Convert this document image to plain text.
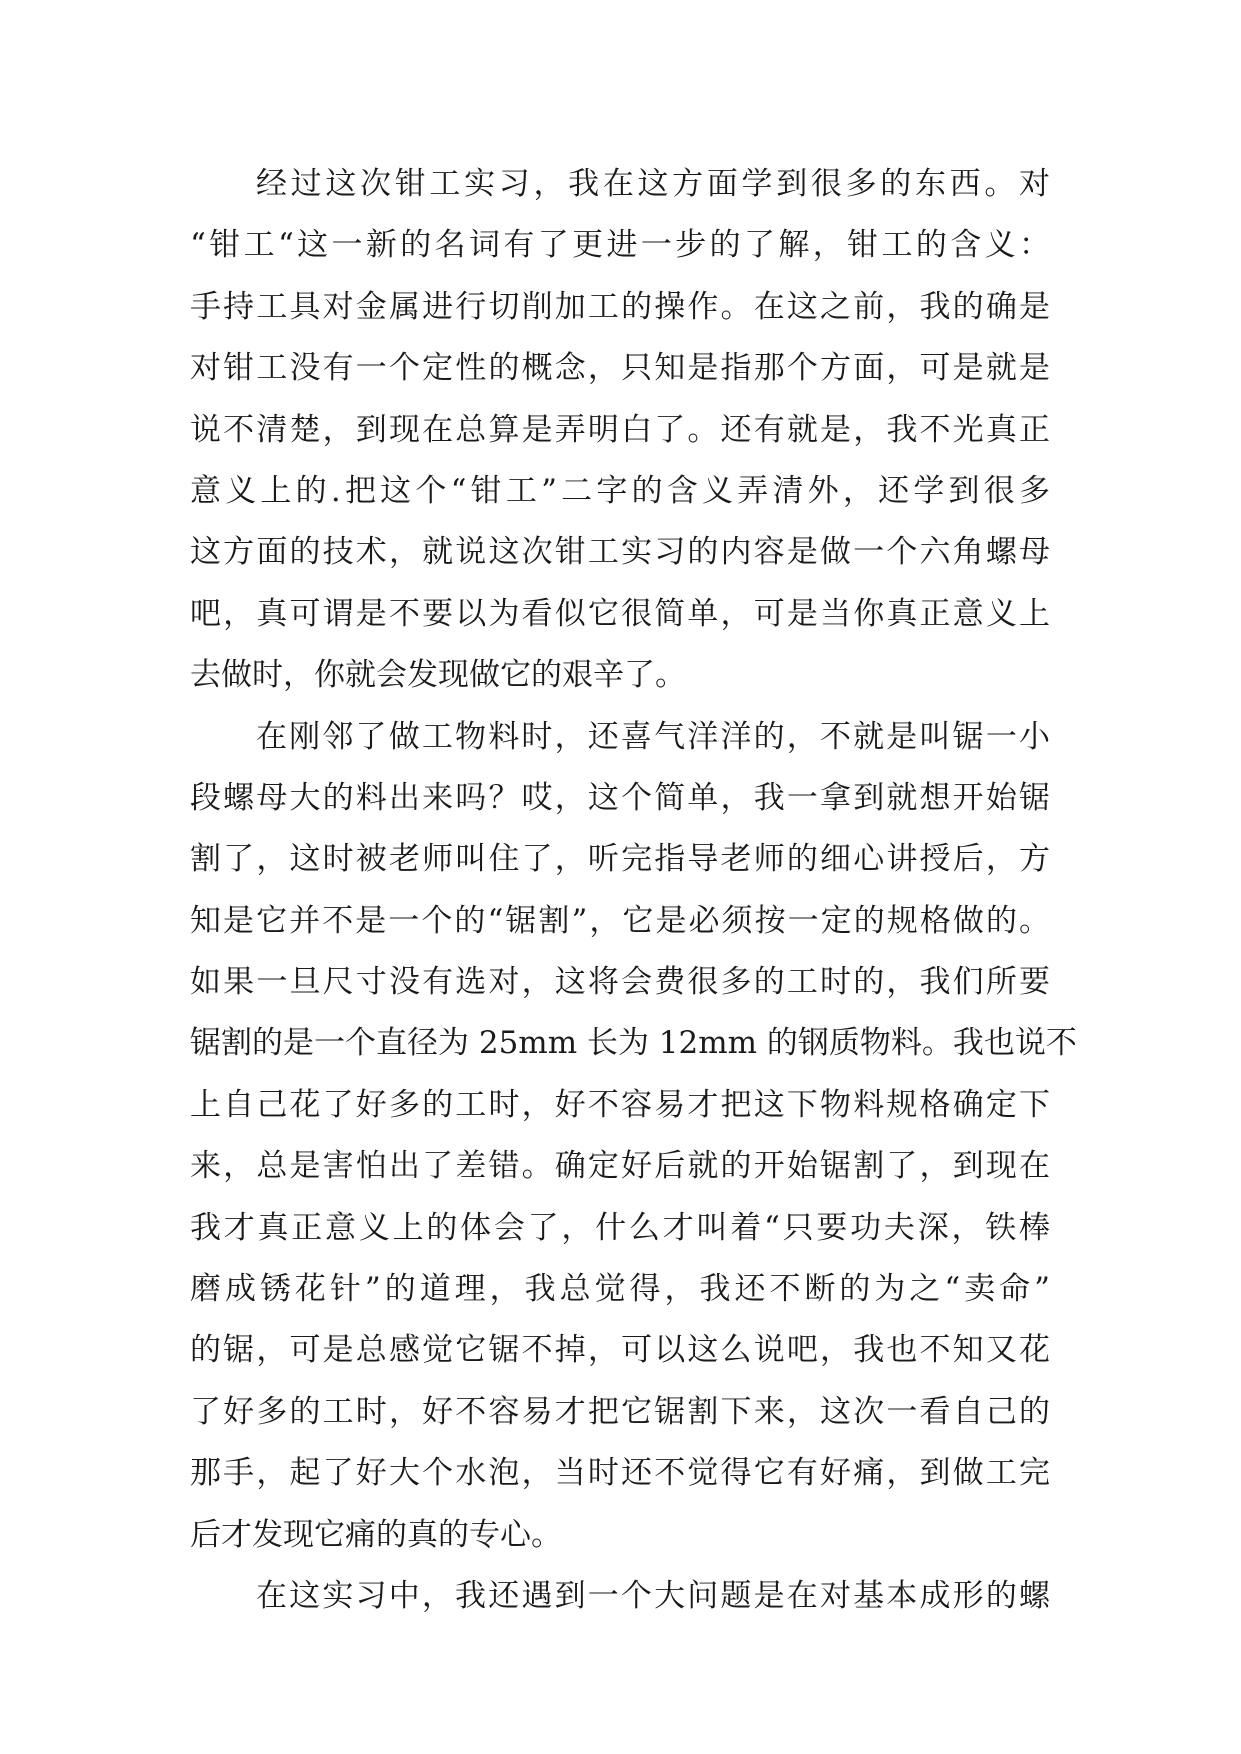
经过这次钳工实习，我在这方面学到很多的东西。对
“钳工“这一新的名词有了更进一步的了解，钳工的含义：
手持工具对金属进行切削加工的操作。在这之前，我的确是
对钳工没有一个定性的概念，只知是指那个方面，可是就是
说不清楚，到现在总算是弄明白了。还有就是，我不光真正
意义上的.把这个“钳工”二字的含义弄清外，还学到很多
这方面的技术，就说这次钳工实习的内容是做一个六角螺母
吧，真可谓是不要以为看似它很简单，可是当你真正意义上
去做时，你就会发现做它的艰辛了。
在刚邻了做工物料时，还喜气洋洋的，不就是叫锯一小
段螺母大的料出来吗？哎，这个简单，我一拿到就想开始锯
割了，这时被老师叫住了，听完指导老师的细心讲授后，方
知是它并不是一个的“锯割”，它是必须按一定的规格做的。
如果一旦尺寸没有选对，这将会费很多的工时的，我们所要
锯割的是一个直径为 25mm 长为 12mm 的钢质物料。我也说不
上自己花了好多的工时，好不容易才把这下物料规格确定下
来，总是害怕出了差错。确定好后就的开始锯割了，到现在
我才真正意义上的体会了，什么才叫着“只要功夫深，铁棒
磨成锈花针”的道理，我总觉得，我还不断的为之“卖命”
的锯，可是总感觉它锯不掉，可以这么说吧，我也不知又花
了好多的工时，好不容易才把它锯割下来，这次一看自己的
那手，起了好大个水泡，当时还不觉得它有好痛，到做工完
后才发现它痛的真的专心。
在这实习中，我还遇到一个大问题是在对基本成形的螺
